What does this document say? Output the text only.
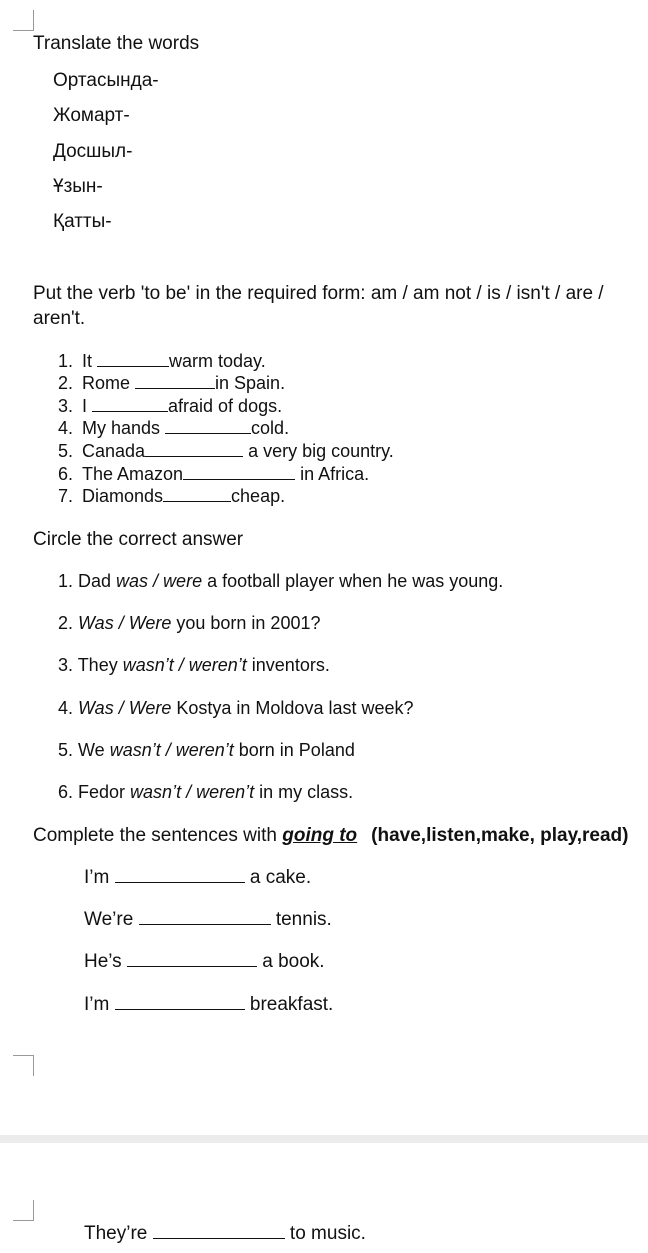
Translate the words
Ортасында-
Жомарт-
Досшыл-
Ұзын-
Қатты-
Put the verb 'to be' in the required form: am / am not / is / isn't / are /
aren't.
1. It	warm today.
2. Rome	in Spain.
3. I	afraid of dogs.
4. My hands	cold.
5. Canada	a very big country.
6. The Amazon	in Africa.
7. Diamonds	cheap.
Circle the correct answer
1. Dad was / were a football player when he was young.
2. Was / Were you born in 2001?
3. They wasn’t / weren’t inventors.
4. Was / Were Kostya in Moldova last week?
5. We wasn’t / weren’t born in Poland
6. Fedor wasn’t / weren’t in my class.
Complete the sentences with going to (have,listen,make, play,read)
I’m	a cake.
We’re	tennis.
He’s	a book.
I’m	breakfast.
They’re	to music.
